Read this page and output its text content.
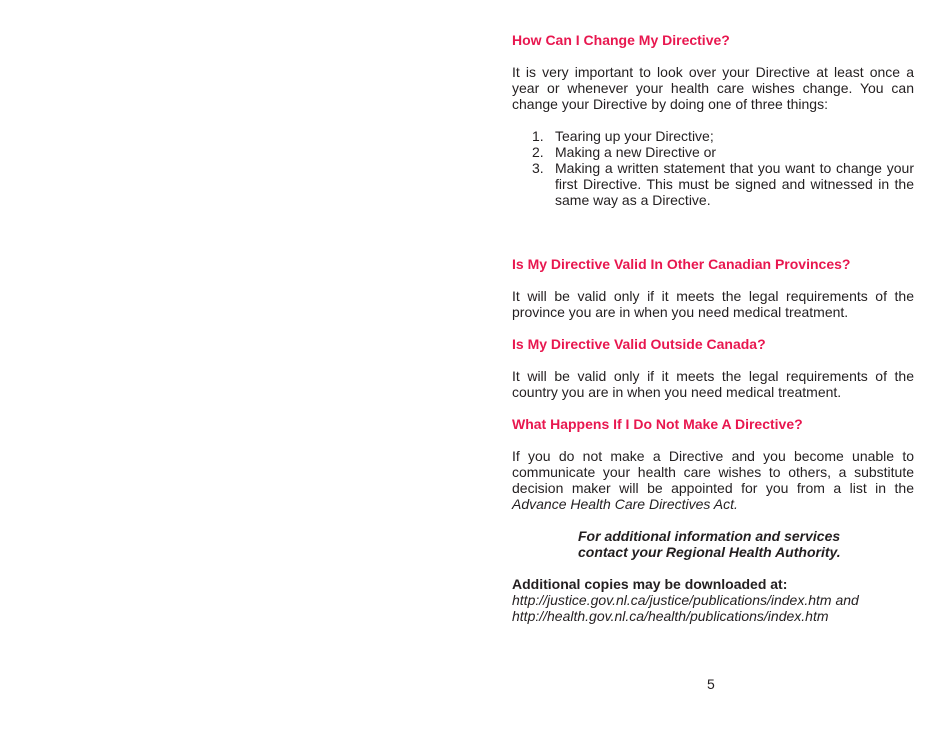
How Can I Change My Directive?

It is very important to look over your Directive at least once a year or whenever your health care wishes change. You can change your Directive by doing one of three things:

1. Tearing up your Directive;
2. Making a new Directive or
3. Making a written statement that you want to change your first Directive. This must be signed and witnessed in the same way as a Directive.

Is My Directive Valid In Other Canadian Provinces?

It will be valid only if it meets the legal requirements of the province you are in when you need medical treatment.

Is My Directive Valid Outside Canada?

It will be valid only if it meets the legal requirements of the country you are in when you need medical treatment.

What Happens If I Do Not Make A Directive?

If you do not make a Directive and you become unable to communicate your health care wishes to others, a substitute decision maker will be appointed for you from a list in the Advance Health Care Directives Act.

For additional information and services

contact your Regional Health Authority.

Additional copies may be downloaded at:

http://justice.gov.nl.ca/justice/publications/index.htm and

http://health.gov.nl.ca/health/publications/index.htm

5
